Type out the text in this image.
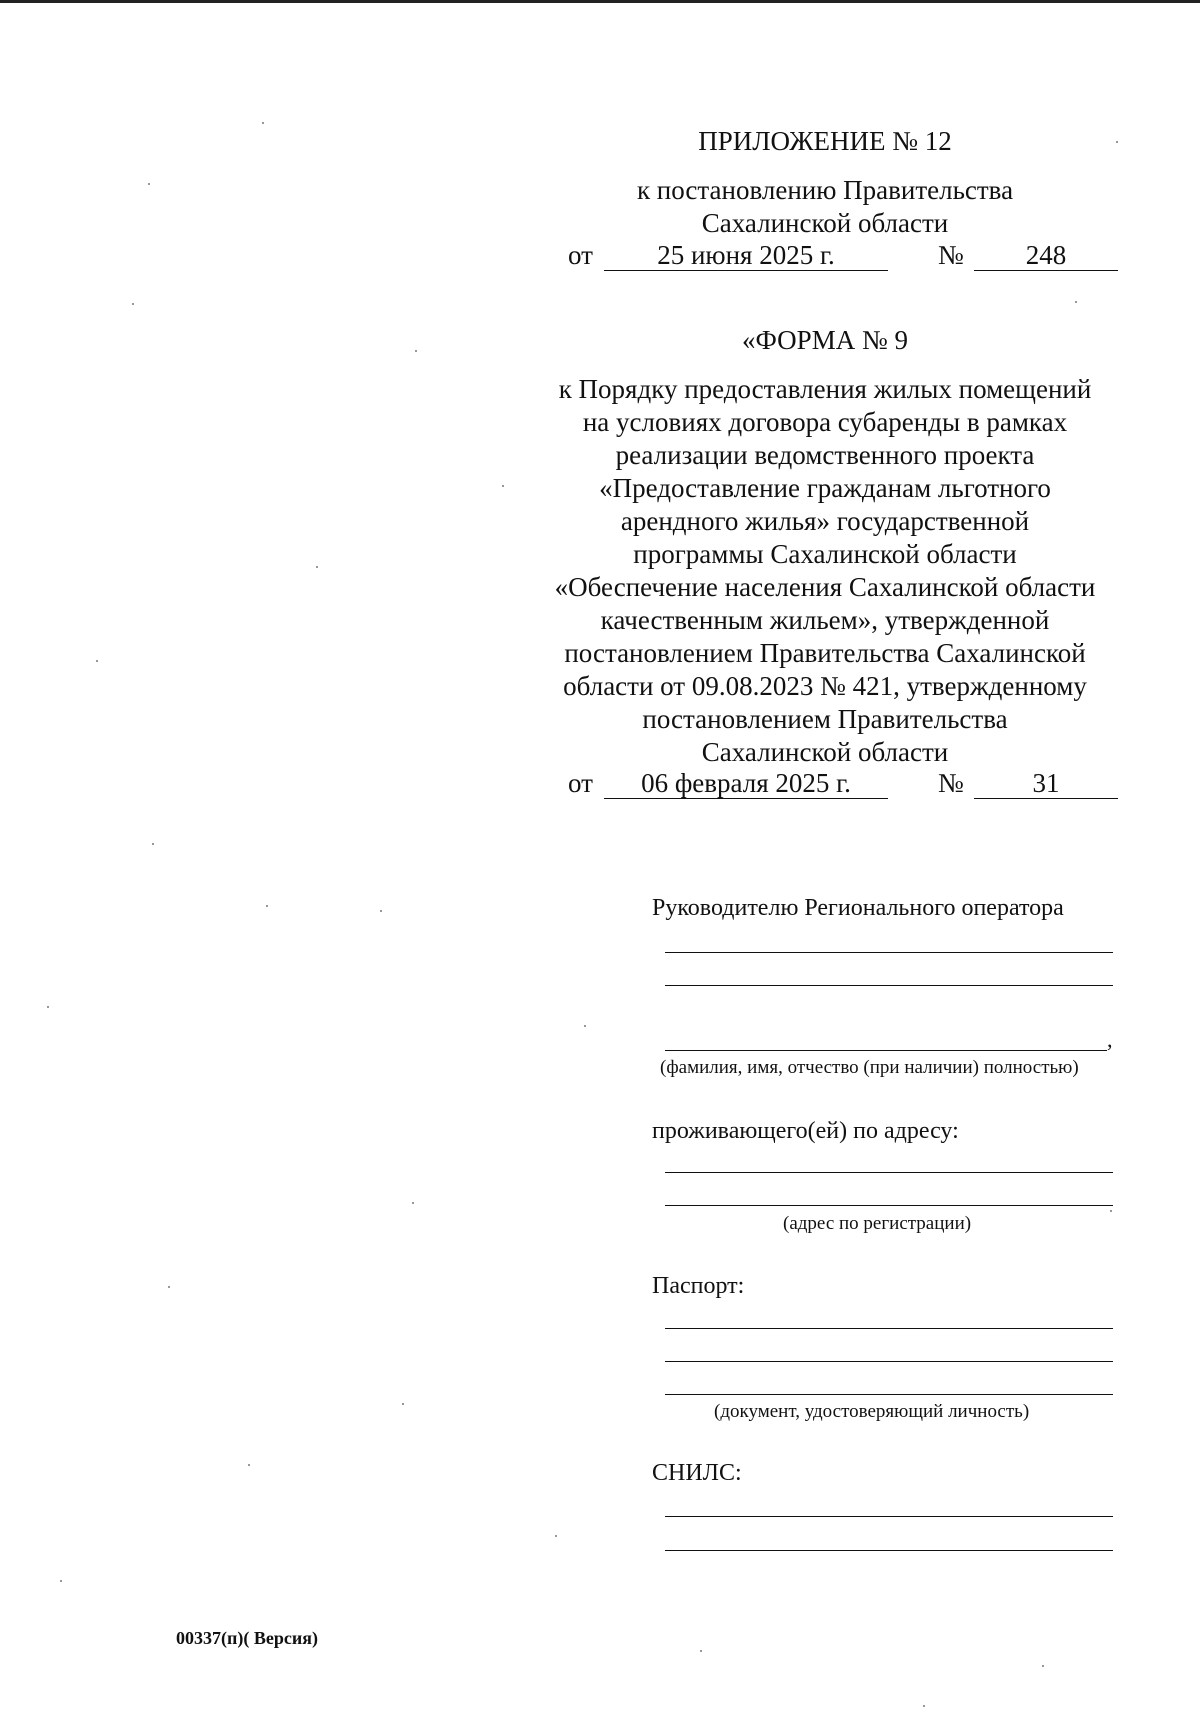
ПРИЛОЖЕНИЕ № 12
к постановлению Правительства
Сахалинской области
от	25 июня 2025 г.	№	248
«ФОРМА № 9
к Порядку предоставления жилых помещений
на условиях договора субаренды в рамках
реализации ведомственного проекта
«Предоставление гражданам льготного
арендного жилья» государственной
программы Сахалинской области
«Обеспечение населения Сахалинской области
качественным жильем», утвержденной
постановлением Правительства Сахалинской
области от 09.08.2023 № 421, утвержденному
постановлением Правительства
Сахалинской области
от	06 февраля 2025 г.	№	31
Руководителю Регионального оператора
,
(фамилия, имя, отчество (при наличии) полностью)
проживающего(ей) по адресу:
(адрес по регистрации)
Паспорт:
(документ, удостоверяющий личность)
СНИЛС:
00337(п)( Версия)
